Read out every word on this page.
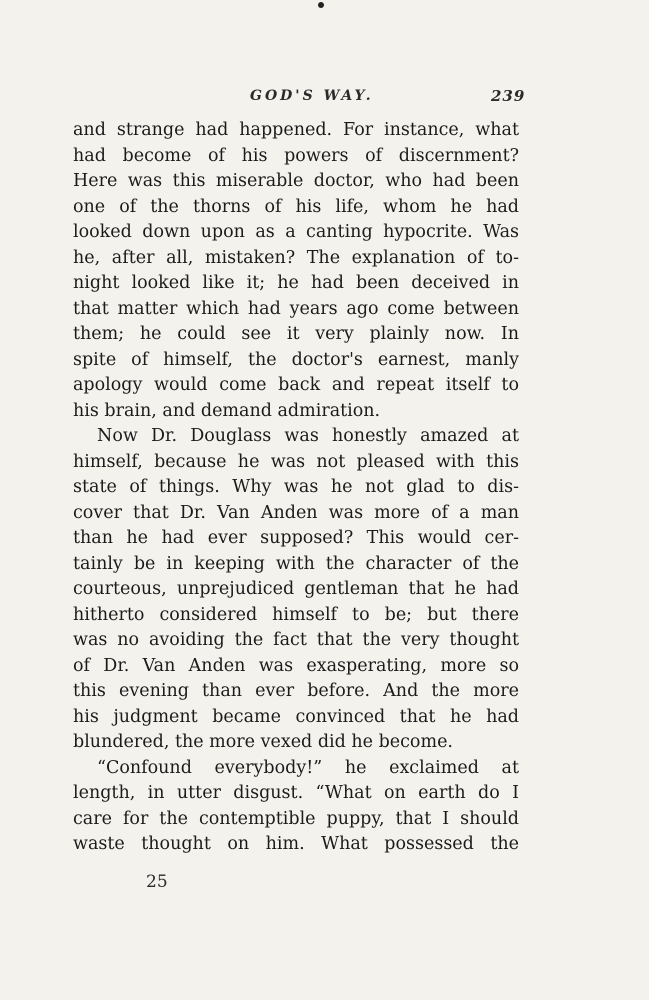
GOD'S WAY.	239
and strange had happened. For instance, what
had become of his powers of discernment?
Here was this miserable doctor, who had been
one of the thorns of his life, whom he had
looked down upon as a canting hypocrite. Was
he, after all, mistaken? The explanation of to-
night looked like it; he had been deceived in
that matter which had years ago come between
them; he could see it very plainly now. In
spite of himself, the doctor's earnest, manly
apology would come back and repeat itself to
his brain, and demand admiration.
Now Dr. Douglass was honestly amazed at
himself, because he was not pleased with this
state of things. Why was he not glad to dis-
cover that Dr. Van Anden was more of a man
than he had ever supposed? This would cer-
tainly be in keeping with the character of the
courteous, unprejudiced gentleman that he had
hitherto considered himself to be; but there
was no avoiding the fact that the very thought
of Dr. Van Anden was exasperating, more so
this evening than ever before. And the more
his judgment became convinced that he had
blundered, the more vexed did he become.
“Confound everybody!” he exclaimed at
length, in utter disgust. “What on earth do I
care for the contemptible puppy, that I should
waste thought on him. What possessed the
25
